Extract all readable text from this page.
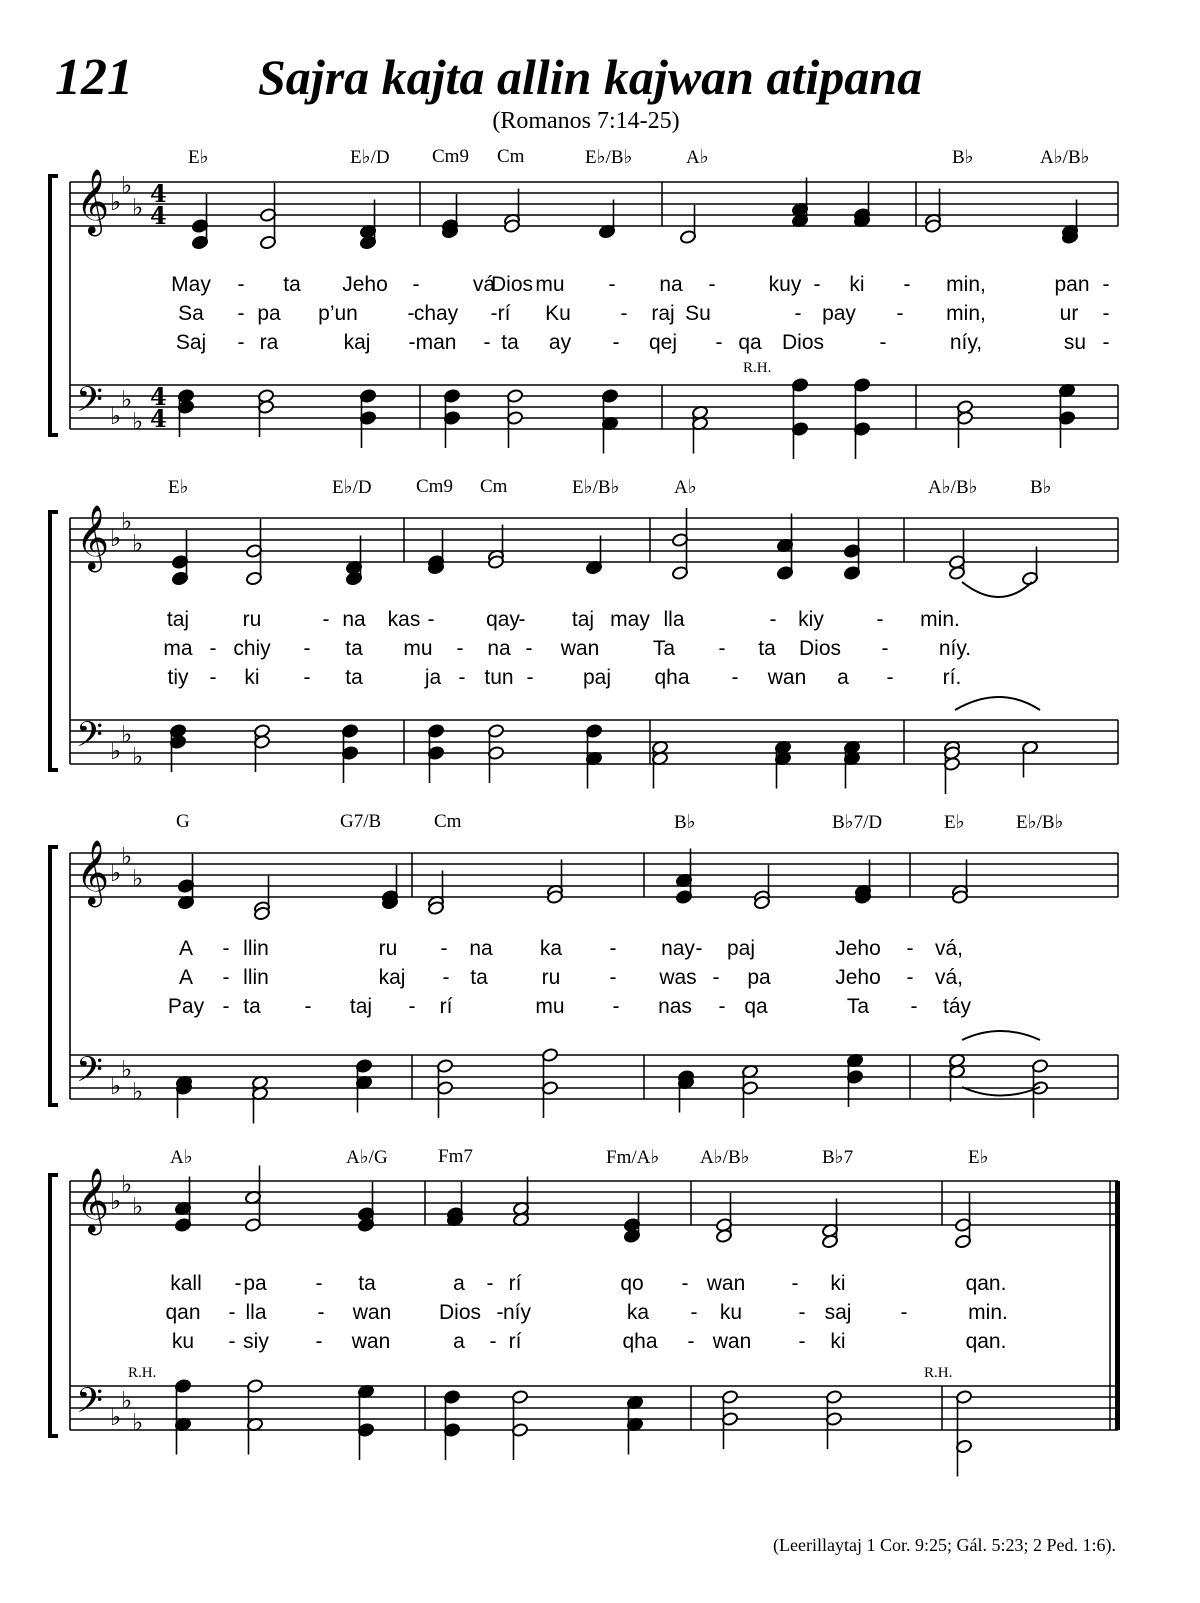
121	Sajra kajta allin kajwan atipana
(Romanos 7:14-25)
𝄞
𝄢
♭
♭
♭
♭
♭
♭
4
4
4
4
𝄞
𝄢
♭
♭
♭
♭
♭
♭
𝄞
𝄢
♭
♭
♭
♭
♭
♭
𝄞
𝄢
♭
♭
♭
♭
♭
♭
E♭	E♭/D Cm9 Cm	E♭/B♭	A♭	B♭	A♭/B♭
May - ta Jeho -	vá
Dios mu - na -	kuy - ki - min,	pan -
Sa - pa p’un - chay - rí Ku - raj Su	- pay - min,	ur -
Saj - ra	kaj - man - ta ay - qej - qa Dios	-	níy,	su -
R.H.
E♭	E♭/D Cm9 Cm	E♭/B♭	A♭	A♭/B♭	B♭
taj	ru	- na kas - qay
- taj may lla	- kiy	- min.
ma - chiy - ta mu - na - wan	Ta - ta Dios - níy.
tiy - ki - ta	ja - tun - paj qha - wan a - rí.
G	G7/B	Cm	B♭	B♭7/D	E♭	E♭/B♭
A - llin	ru - na ka - nay - paj	Jeho - vá,
A - llin	kaj - ta	ru - was - pa	Jeho - vá,
Pay - ta - taj - rí	mu - nas - qa	Ta - táy
A♭	A♭/G	Fm7	Fm/A♭ A♭/B♭	B♭7	E♭
kall - pa - ta	a - rí	qo - wan - ki	qan.
qan - lla - wan Dios - níy	ka - ku	- saj -	min.
ku - siy - wan	a - rí	qha - wan - ki	qan.
R.H.	R.H.
(Leerillaytaj 1 Cor. 9:25; Gál. 5:23; 2 Ped. 1:6).
